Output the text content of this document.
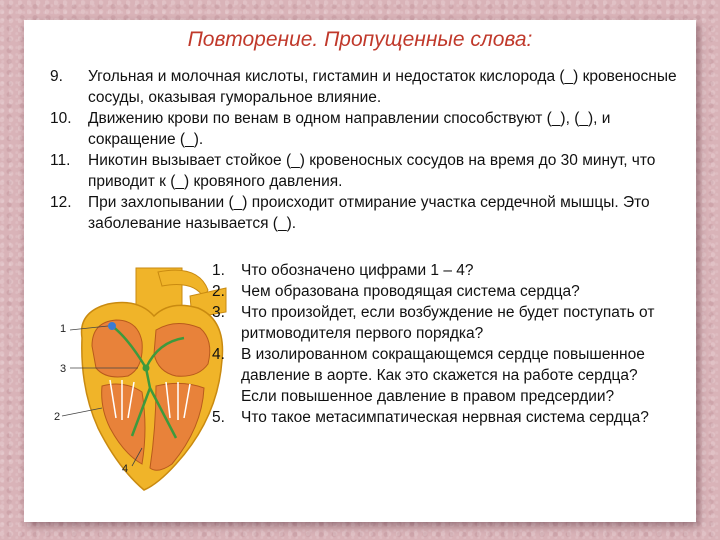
Повторение. Пропущенные слова:
9. Угольная и молочная кислоты, гистамин и недостаток кислорода (_) кровеносные сосуды, оказывая гуморальное влияние.
10. Движению крови по венам в одном направлении способствуют (_), (_), и сокращение (_).
11. Никотин вызывает стойкое (_) кровеносных сосудов на время до 30 минут, что приводит к (_) кровяного давления.
12. При захлопывании (_) происходит отмирание участка сердечной мышцы. Это заболевание называется (_).
1
3
2
4
1. Что обозначено цифрами 1 – 4?
2. Чем образована проводящая система сердца?
3. Что произойдет, если возбуждение не будет поступать от ритмоводителя первого порядка?
4. В изолированном сокращающемся сердце повышенное давление в аорте. Как это скажется на работе сердца? Если повышенное давление в правом предсердии?
5. Что такое метасимпатическая нервная система сердца?
